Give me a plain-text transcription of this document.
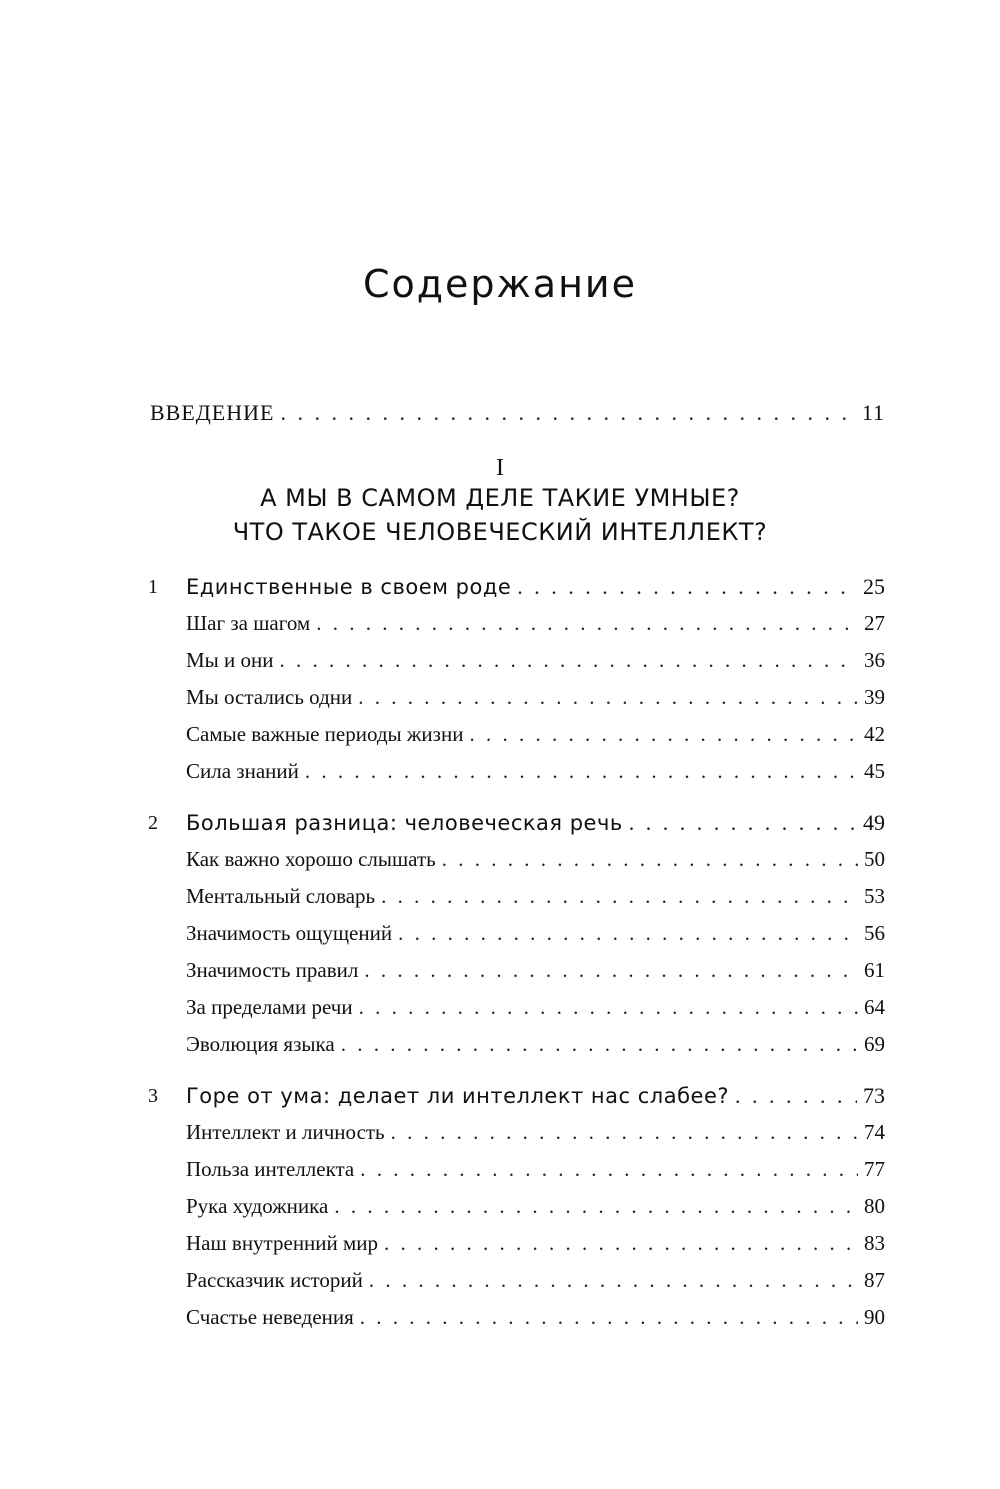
Содержание
ВВЕДЕНИЕ . . .	11
I
А МЫ В САМОМ ДЕЛЕ ТАКИЕ УМНЫЕ?
ЧТО ТАКОЕ ЧЕЛОВЕЧЕСКИЙ ИНТЕЛЛЕКТ?
1	Единственные в своем роде . . .	25
Шаг за шагом . . .	27
Мы и они . . .	36
Мы остались одни . . .	39
Самые важные периоды жизни . . .	42
Сила знаний . . .	45
2	Большая разница: человеческая речь . . .	49
Как важно хорошо слышать . . .	50
Ментальный словарь . . .	53
Значимость ощущений . . .	56
Значимость правил . . .	61
За пределами речи . . .	64
Эволюция языка . . .	69
3	Горе от ума: делает ли интеллект нас слабее? . . .	73
Интеллект и личность . . .	74
Польза интеллекта . . .	77
Рука художника . . .	80
Наш внутренний мир . . .	83
Рассказчик историй . . .	87
Счастье неведения . . .	90
